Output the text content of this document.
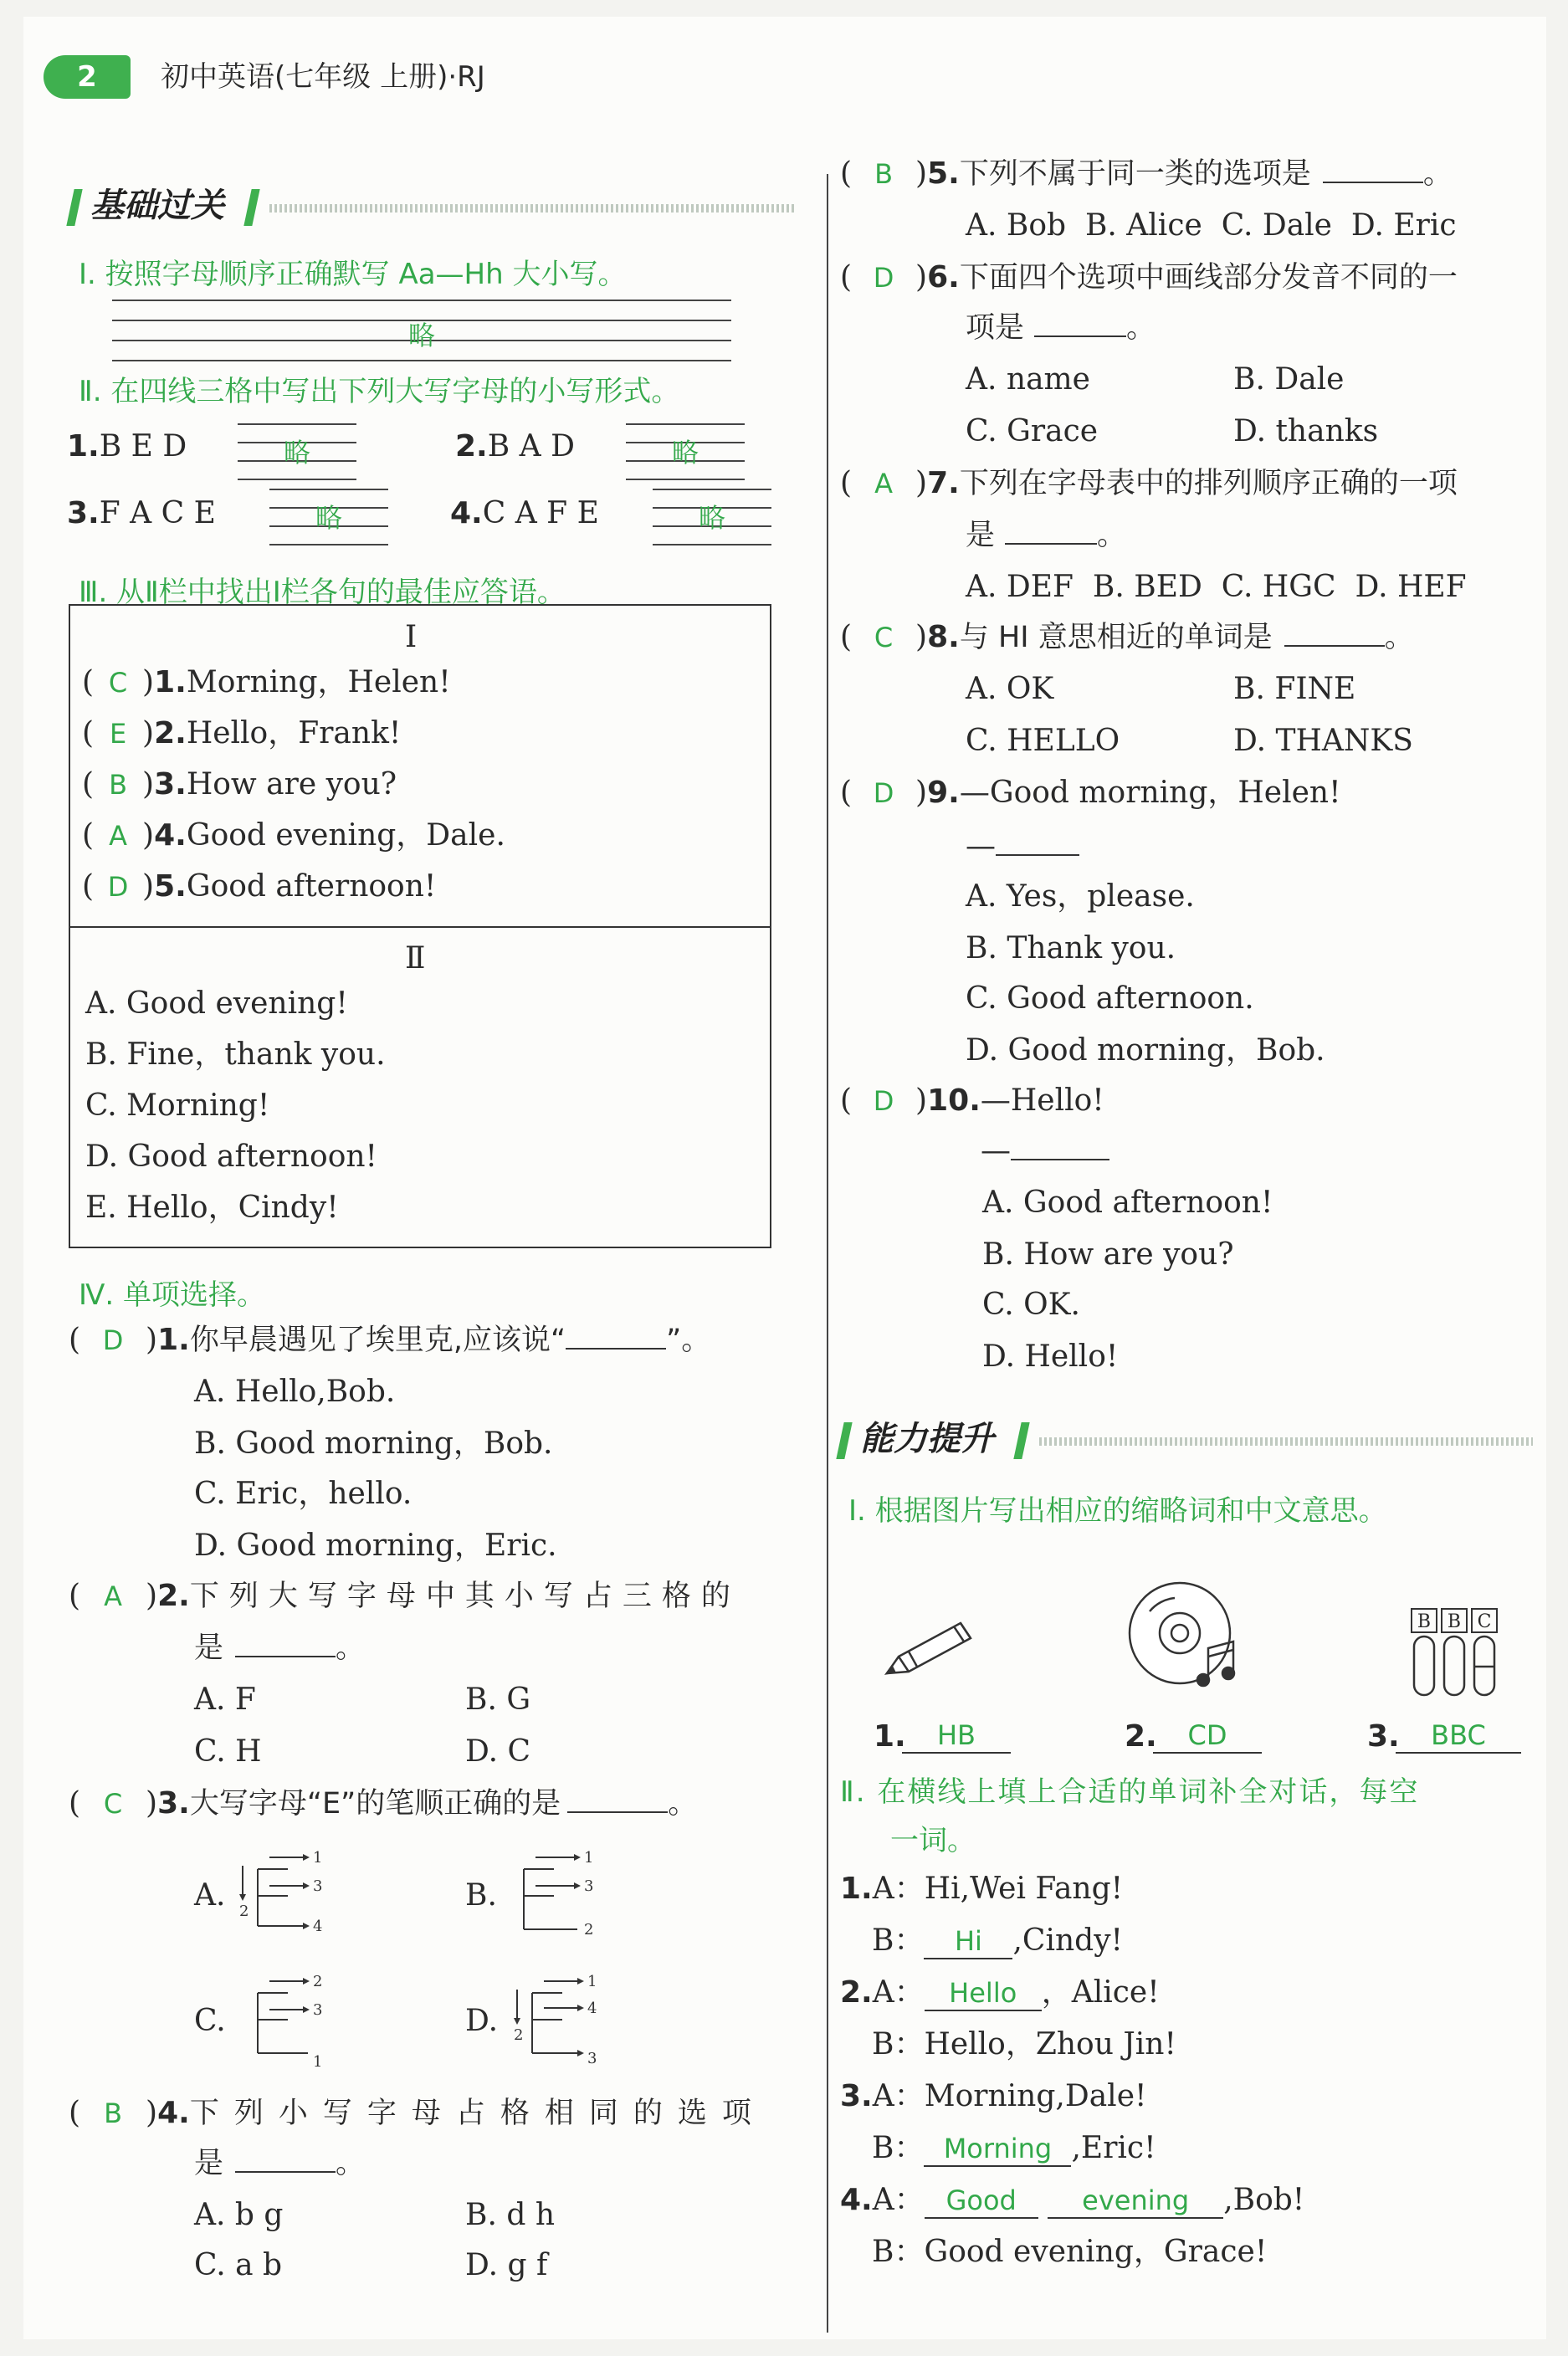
2	初中英语(七年级 上册)·RJ
基础过关
Ⅰ. 按照字母顺序正确默写 Aa—Hh 大小写。
略
Ⅱ. 在四线三格中写出下列大写字母的小写形式。
1.B E D	略	2.B A D	略
3.F A C E	略	4.C A F E	略
Ⅲ. 从Ⅱ栏中找出Ⅰ栏各句的最佳应答语。
Ⅰ
Ⅱ
( C )1.Morning，Helen!
( E )2.Hello，Frank!
( B )3.How are you?
( A )4.Good evening，Dale.
( D )5.Good afternoon!
A. Good evening!
B. Fine，thank you.
C. Morning!
D. Good afternoon!
E. Hello，Cindy!
Ⅳ. 单项选择。
( D )1.你早晨遇见了埃里克,应该说“	”。
A. Hello,Bob.
B. Good morning，Bob.
C. Eric，hello.
D. Good morning，Eric.
( A )2.下列大写字母中其小写占三格的
是	。
A. F	B. G
C. H	D. C
( C )3.大写字母“E”的笔顺正确的是	。
A. 2
1
3
4
B.
1
3
2
C.
2
3
1
D. 2
1
4
3
( B )4.下列小写字母占格相同的选项
是	。
A. b g	B. d h
C. a b	D. g f
( B )5.下列不属于同一类的选项是	。
A. Bob B. Alice C. Dale D. Eric
( D )6.下面四个选项中画线部分发音不同的一
项是	。
A. name	B. Dale
C. Grace	D. thanks
( A )7.下列在字母表中的排列顺序正确的一项
是	。
A. DEF B. BED C. HGC D. HEF
( C )8.与 HI 意思相近的单词是	。
A. OK	B. FINE
C. HELLO	D. THANKS
( D )9.—Good morning，Helen!
—
A. Yes，please.
B. Thank you.
C. Good afternoon.
D. Good morning，Bob.
( D )10.—Hello!
—
A. Good afternoon!
B. How are you?
C. OK.
D. Hello!
能力提升
Ⅰ. 根据图片写出相应的缩略词和中文意思。
B B C
1.	HB	2.	CD	3.	BBC
Ⅱ. 在横线上填上合适的单词补全对话，每空
一词。
1.A：Hi,Wei Fang!
B： Hi ,Cindy!
2.A： Hello ，Alice!
B：Hello，Zhou Jin!
3.A：Morning,Dale!
B： Morning ,Eric!
4.A： Good evening ,Bob!
B：Good evening，Grace!
